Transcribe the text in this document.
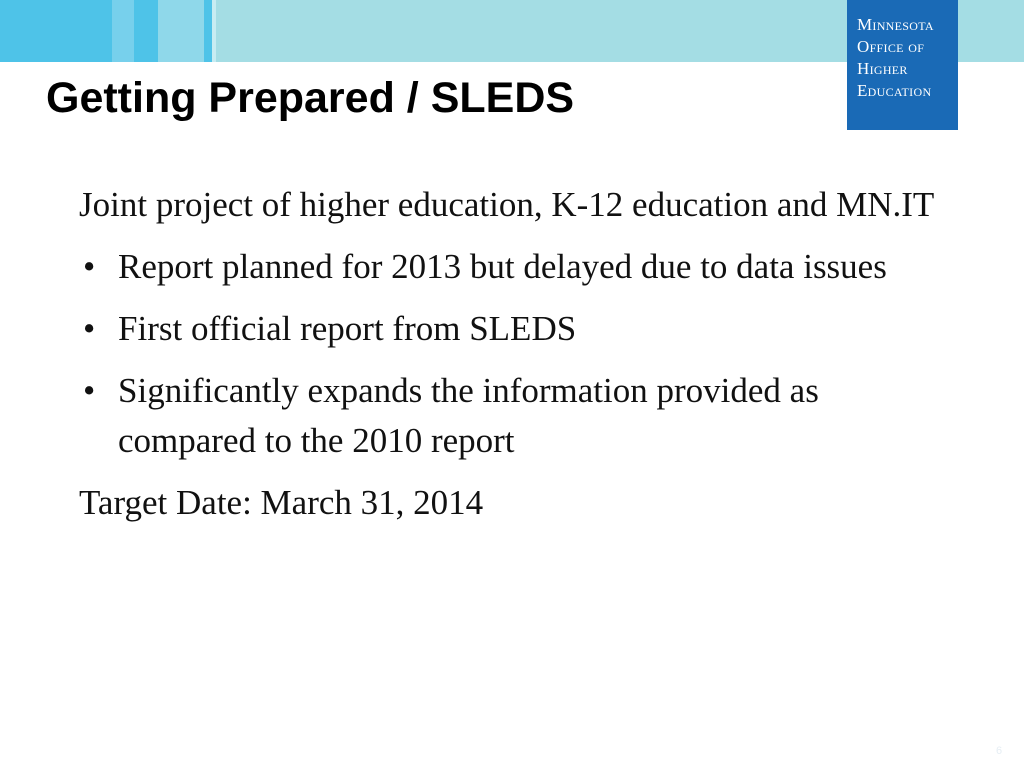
Minnesota
Office of
Higher
Education
Getting Prepared / SLEDS

Joint project of higher education, K-12 education and MN.IT

• Report planned for 2013 but delayed due to data issues
• First official report from SLEDS
• Significantly expands the information provided as compared to the 2010 report

Target Date: March 31, 2014

6
